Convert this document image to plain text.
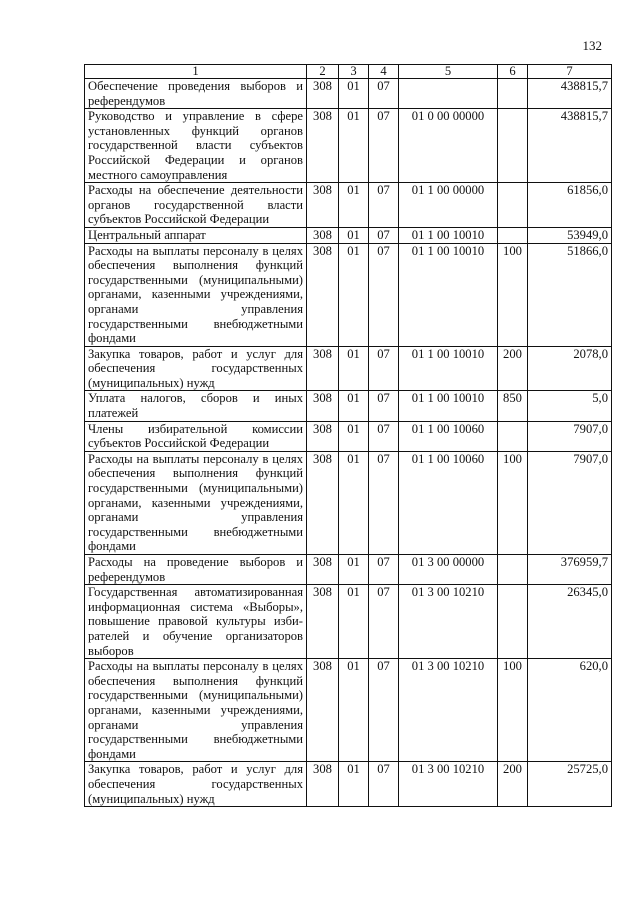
132
1	2	3	4	5	6	7
Обеспечение проведения выборов и референдумов	308	01	07			438815,7
Руководство и управление в сфере установленных функций органов государственной власти субъектов Российской Федерации и органов местного самоуправления	308	01	07	01 0 00 00000		438815,7
Расходы на обеспечение деятельности органов государственной власти субъектов Российской Федерации	308	01	07	01 1 00 00000		61856,0
Центральный аппарат	308	01	07	01 1 00 10010		53949,0
Расходы на выплаты персоналу в целях обеспечения выполнения функций государственными (муниципальными) органами, казенными учреждениями, органами управления государственными внебюджетными фондами	308	01	07	01 1 00 10010	100	51866,0
Закупка товаров, работ и услуг для обеспечения государственных (муниципальных) нужд	308	01	07	01 1 00 10010	200	2078,0
Уплата налогов, сборов и иных платежей	308	01	07	01 1 00 10010	850	5,0
Члены избирательной комиссии субъектов Российской Федерации	308	01	07	01 1 00 10060		7907,0
Расходы на выплаты персоналу в целях обеспечения выполнения функций государственными (муниципальными) органами, казенными учреждениями, органами управления государственными внебюджетными фондами	308	01	07	01 1 00 10060	100	7907,0
Расходы на проведение выборов и референдумов	308	01	07	01 3 00 00000		376959,7
Государственная автоматизированная информационная система «Выборы», повышение правовой культуры избирателей и обучение организаторов выборов	308	01	07	01 3 00 10210		26345,0
Расходы на выплаты персоналу в целях обеспечения выполнения функций государственными (муниципальными) органами, казенными учреждениями, органами управления государственными внебюджетными фондами	308	01	07	01 3 00 10210	100	620,0
Закупка товаров, работ и услуг для обеспечения государственных (муниципальных) нужд	308	01	07	01 3 00 10210	200	25725,0
